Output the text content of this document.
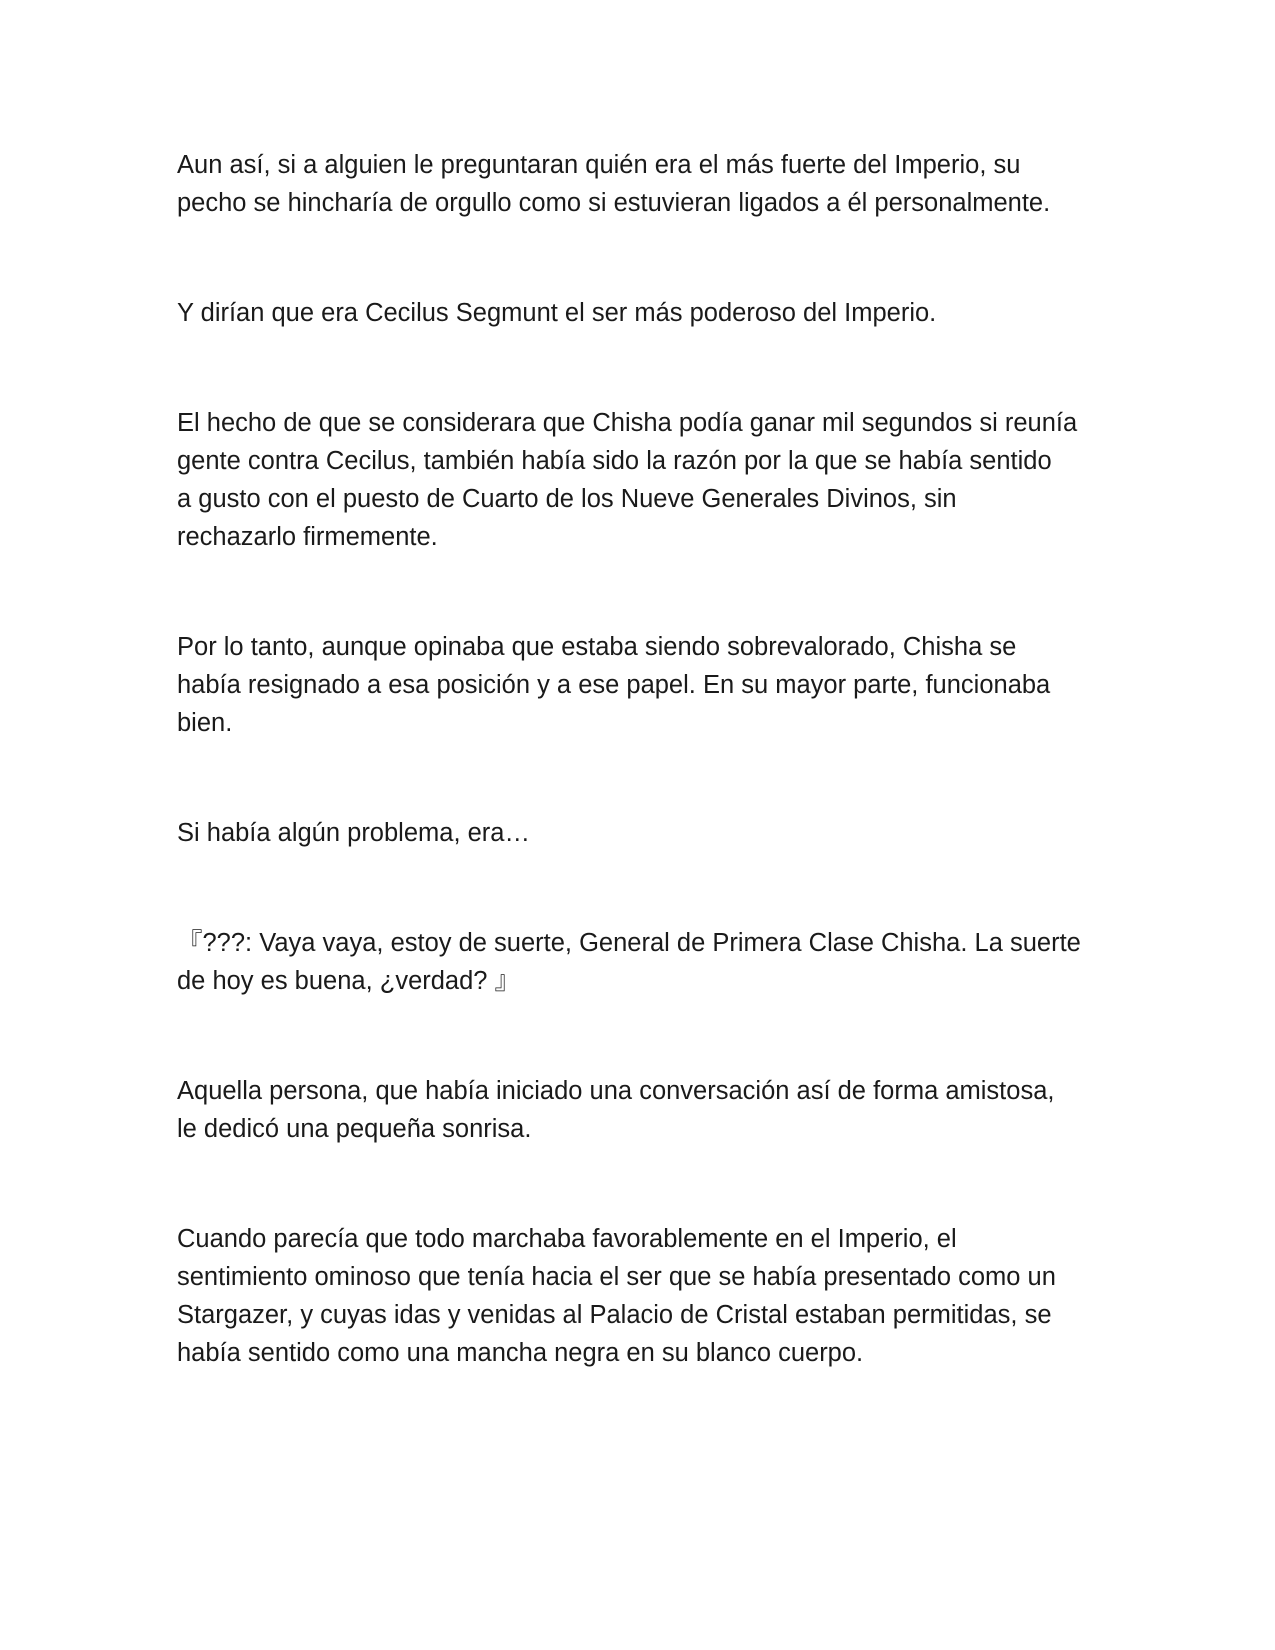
Aun así, si a alguien le preguntaran quién era el más fuerte del Imperio, su
pecho se hincharía de orgullo como si estuvieran ligados a él personalmente.

Y dirían que era Cecilus Segmunt el ser más poderoso del Imperio.

El hecho de que se considerara que Chisha podía ganar mil segundos si reunía
gente contra Cecilus, también había sido la razón por la que se había sentido
a gusto con el puesto de Cuarto de los Nueve Generales Divinos, sin
rechazarlo firmemente.

Por lo tanto, aunque opinaba que estaba siendo sobrevalorado, Chisha se
había resignado a esa posición y a ese papel. En su mayor parte, funcionaba
bien.

Si había algún problema, era…

『???: Vaya vaya, estoy de suerte, General de Primera Clase Chisha. La suerte
de hoy es buena, ¿verdad? 』

Aquella persona, que había iniciado una conversación así de forma amistosa,
le dedicó una pequeña sonrisa.

Cuando parecía que todo marchaba favorablemente en el Imperio, el
sentimiento ominoso que tenía hacia el ser que se había presentado como un
Stargazer, y cuyas idas y venidas al Palacio de Cristal estaban permitidas, se
había sentido como una mancha negra en su blanco cuerpo.
